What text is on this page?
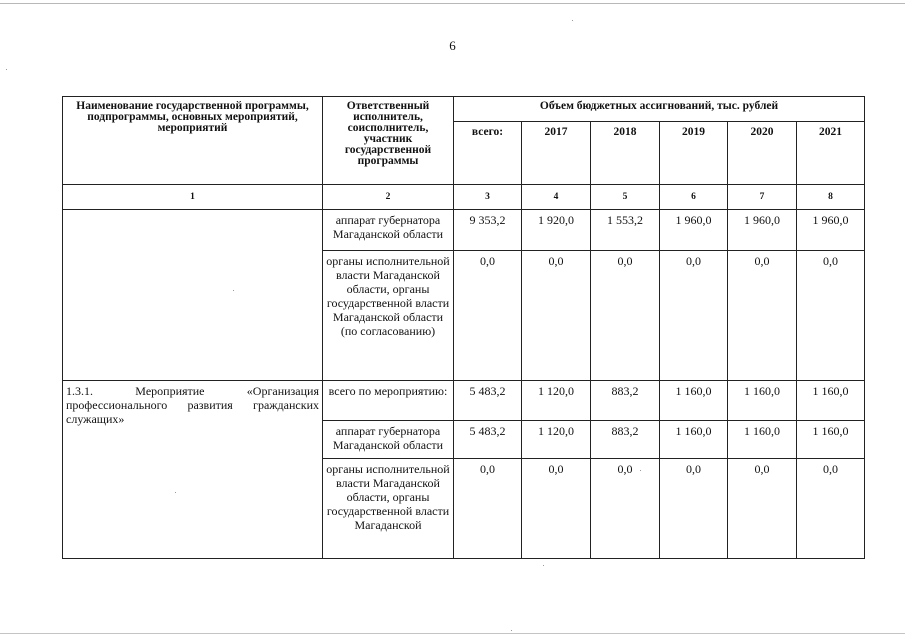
6
Наименование государственной программы, подпрограммы, основных мероприятий, мероприятий	Ответственный исполнитель, соисполнитель, участник государственной программы	Объем бюджетных ассигнований, тыс. рублей					
		всего:	2017	2018	2019	2020	2021
1	2	3	4	5	6	7	8
	аппарат губернатора Магаданской области	9 353,2	1 920,0	1 553,2	1 960,0	1 960,0	1 960,0
	органы исполнительной власти Магаданской области, органы государственной власти Магаданской области (по согласованию)	0,0	0,0	0,0	0,0	0,0	0,0
1.3.1. Мероприятие «Организация профессионального развития гражданских служащих»	всего по мероприятию:	5 483,2	1 120,0	883,2	1 160,0	1 160,0	1 160,0
	аппарат губернатора Магаданской области	5 483,2	1 120,0	883,2	1 160,0	1 160,0	1 160,0
	органы исполнительной власти Магаданской области, органы государственной власти Магаданской	0,0	0,0	0,0	0,0	0,0	0,0
